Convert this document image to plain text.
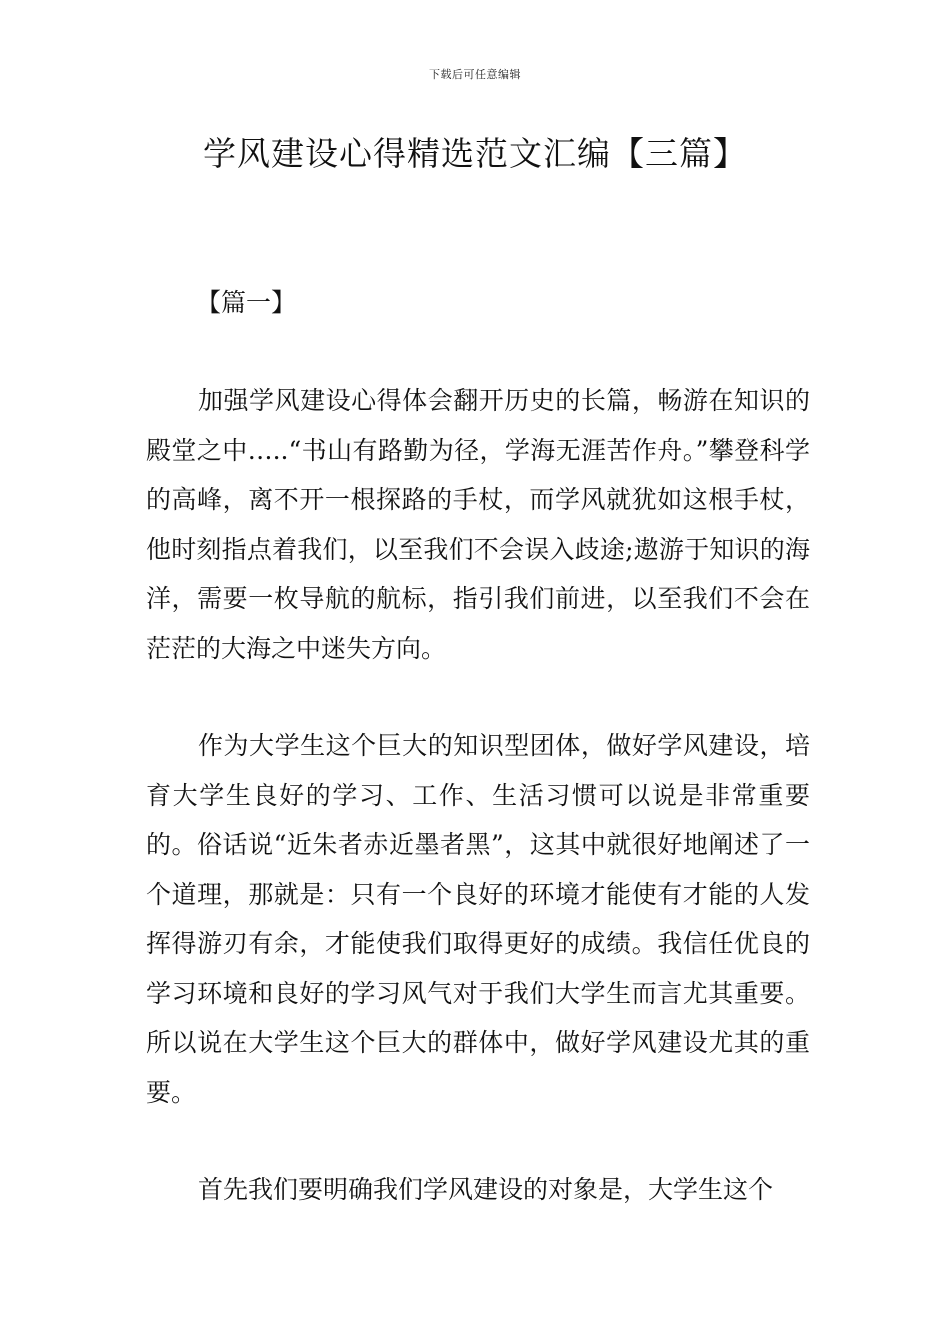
下载后可任意编辑
学风建设心得精选范文汇编【三篇】
【篇一】

加强学风建设心得体会翻开历史的长篇，畅游在知识的殿堂之中…..“书山有路勤为径，学海无涯苦作舟。”攀登科学的高峰，离不开一根探路的手杖，而学风就犹如这根手杖，他时刻指点着我们，以至我们不会误入歧途;遨游于知识的海洋，需要一枚导航的航标，指引我们前进，以至我们不会在茫茫的大海之中迷失方向。

作为大学生这个巨大的知识型团体，做好学风建设，培育大学生良好的学习、工作、生活习惯可以说是非常重要的。俗话说“近朱者赤近墨者黑”，这其中就很好地阐述了一个道理，那就是：只有一个良好的环境才能使有才能的人发挥得游刃有余，才能使我们取得更好的成绩。我信任优良的学习环境和良好的学习风气对于我们大学生而言尤其重要。所以说在大学生这个巨大的群体中，做好学风建设尤其的重要。

首先我们要明确我们学风建设的对象是，大学生这个
